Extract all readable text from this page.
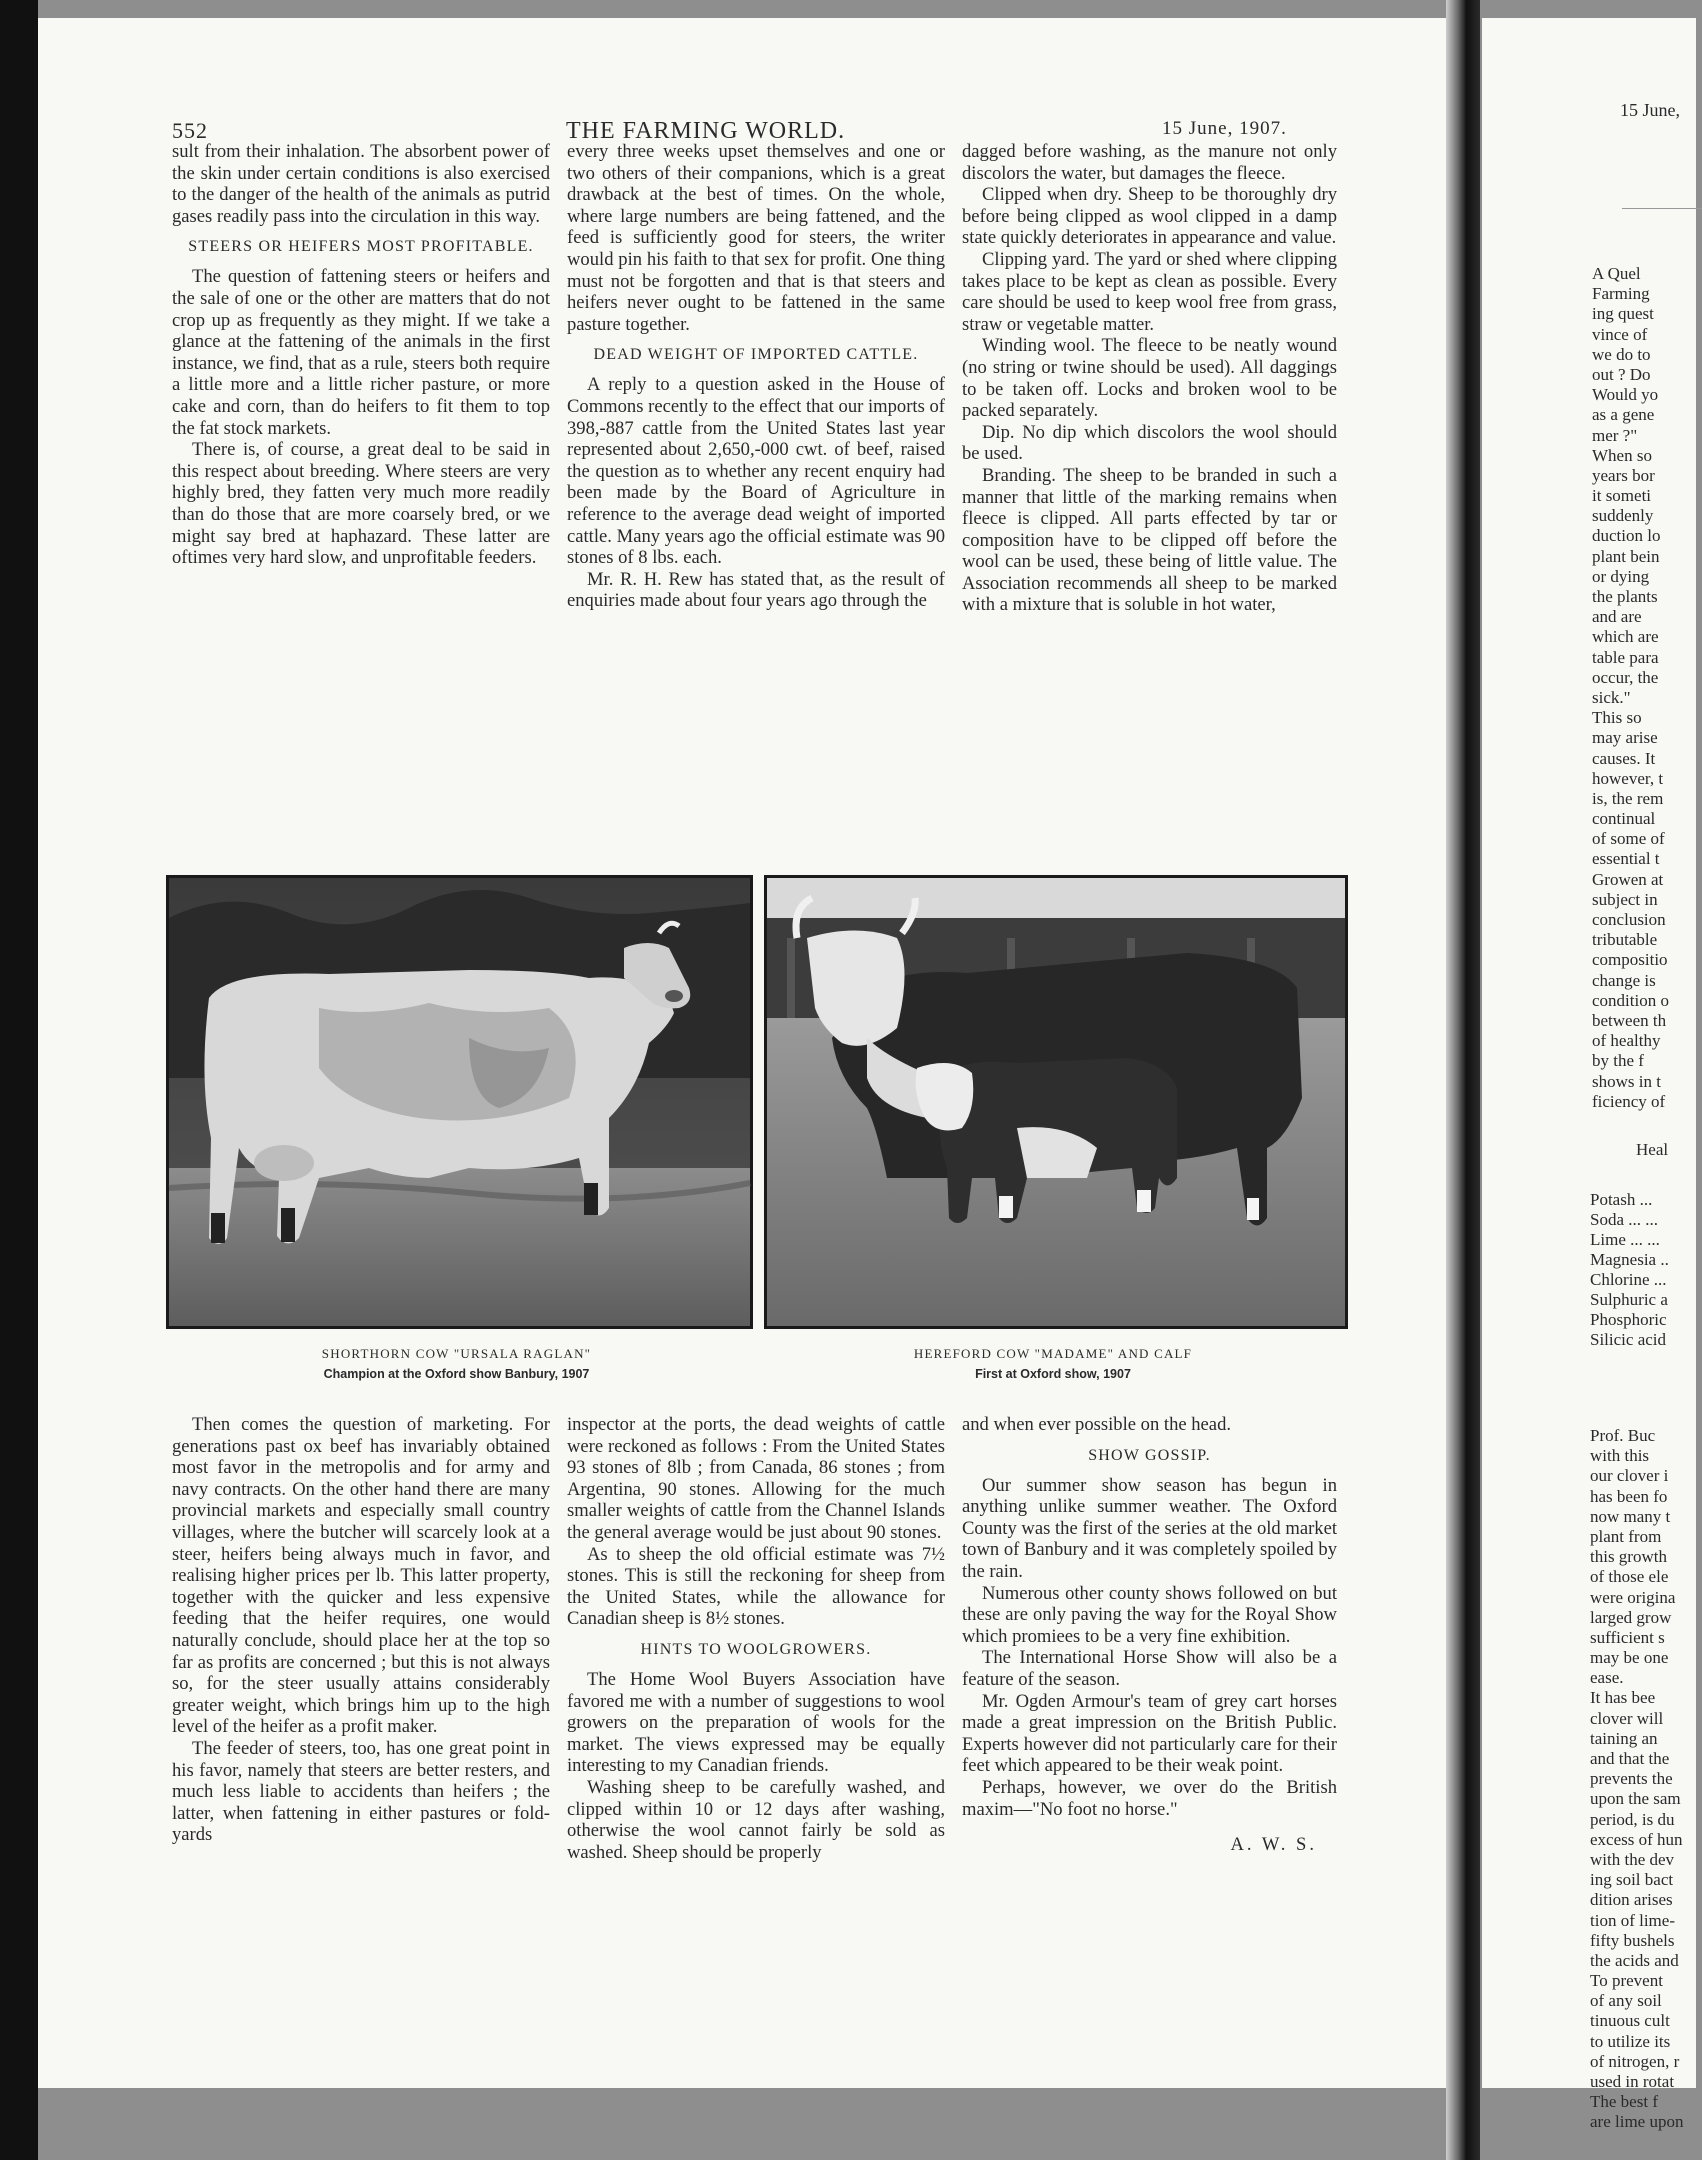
552	THE FARMING WORLD.	15 June, 1907.

sult from their inhalation. The absorbent power of the skin under certain conditions is also exercised to the danger of the health of the animals as putrid gases readily pass into the circulation in this way.

STEERS OR HEIFERS MOST PROFITABLE.

The question of fattening steers or heifers and the sale of one or the other are matters that do not crop up as frequently as they might. If we take a glance at the fattening of the animals in the first instance, we find, that as a rule, steers both require a little more and a little richer pasture, or more cake and corn, than do heifers to fit them to top the fat stock markets.

There is, of course, a great deal to be said in this respect about breeding. Where steers are very highly bred, they fatten very much more readily than do those that are more coarsely bred, or we might say bred at haphazard. These latter are oftimes very hard slow, and unprofitable feeders.

every three weeks upset themselves and one or two others of their companions, which is a great drawback at the best of times. On the whole, where large numbers are being fattened, and the feed is sufficiently good for steers, the writer would pin his faith to that sex for profit. One thing must not be forgotten and that is that steers and heifers never ought to be fattened in the same pasture together.

DEAD WEIGHT OF IMPORTED CATTLE.

A reply to a question asked in the House of Commons recently to the effect that our imports of 398,-887 cattle from the United States last year represented about 2,650,-000 cwt. of beef, raised the question as to whether any recent enquiry had been made by the Board of Agriculture in reference to the average dead weight of imported cattle. Many years ago the official estimate was 90 stones of 8 lbs. each.

Mr. R. H. Rew has stated that, as the result of enquiries made about four years ago through the

dagged before washing, as the manure not only discolors the water, but damages the fleece.

Clipped when dry. Sheep to be thoroughly dry before being clipped as wool clipped in a damp state quickly deteriorates in appearance and value.

Clipping yard. The yard or shed where clipping takes place to be kept as clean as possible. Every care should be used to keep wool free from grass, straw or vegetable matter.

Winding wool. The fleece to be neatly wound (no string or twine should be used). All daggings to be taken off. Locks and broken wool to be packed separately.

Dip. No dip which discolors the wool should be used.

Branding. The sheep to be branded in such a manner that little of the marking remains when fleece is clipped. All parts effected by tar or composition have to be clipped off before the wool can be used, these being of little value. The Association recommends all sheep to be marked with a mixture that is soluble in hot water,

SHORTHORN COW "URSALA RAGLAN"
Champion at the Oxford show Banbury, 1907
HEREFORD COW "MADAME" AND CALF
First at Oxford show, 1907

Then comes the question of marketing. For generations past ox beef has invariably obtained most favor in the metropolis and for army and navy contracts. On the other hand there are many provincial markets and especially small country villages, where the butcher will scarcely look at a steer, heifers being always much in favor, and realising higher prices per lb. This latter property, together with the quicker and less expensive feeding that the heifer requires, one would naturally conclude, should place her at the top so far as profits are concerned ; but this is not always so, for the steer usually attains considerably greater weight, which brings him up to the high level of the heifer as a profit maker.

The feeder of steers, too, has one great point in his favor, namely that steers are better resters, and much less liable to accidents than heifers ; the latter, when fattening in either pastures or fold-yards

inspector at the ports, the dead weights of cattle were reckoned as follows : From the United States 93 stones of 8lb ; from Canada, 86 stones ; from Argentina, 90 stones. Allowing for the much smaller weights of cattle from the Channel Islands the general average would be just about 90 stones.

As to sheep the old official estimate was 7½ stones. This is still the reckoning for sheep from the United States, while the allowance for Canadian sheep is 8½ stones.

HINTS TO WOOLGROWERS.

The Home Wool Buyers Association have favored me with a number of suggestions to wool growers on the preparation of wools for the market. The views expressed may be equally interesting to my Canadian friends.

Washing sheep to be carefully washed, and clipped within 10 or 12 days after washing, otherwise the wool cannot fairly be sold as washed. Sheep should be properly

and when ever possible on the head.

SHOW GOSSIP.

Our summer show season has begun in anything unlike summer weather. The Oxford County was the first of the series at the old market town of Banbury and it was completely spoiled by the rain.

Numerous other county shows followed on but these are only paving the way for the Royal Show which promiees to be a very fine exhibition.

The International Horse Show will also be a feature of the season.

Mr. Ogden Armour's team of grey cart horses made a great impression on the British Public. Experts however did not particularly care for their feet which appeared to be their weak point.

Perhaps, however, we over do the British maxim—"No foot no horse."

A. W. S.
15 June,
A Quel
Farming
ing quest
vince of
we do to
out ? Do
Would yo
as a gene
mer ?"
When so
years bor
it someti
suddenly
duction lo
plant bein
or dying
the plants
and are
which are
table para
occur, the
sick."
This so
may arise
causes. It
however, t
is, the rem
continual
of some of
essential t
Growen at
subject in
conclusion
tributable
compositio
change is
condition o
between th
of healthy
by the f
shows in t
ficiency of
Heal
Potash ...
Soda ... ...
Lime ... ...
Magnesia ..
Chlorine ...
Sulphuric a
Phosphoric
Silicic acid
Prof. Buc
with this
our clover i
has been fo
now many t
plant from
this growth
of those ele
were origina
larged grow
sufficient s
may be one
ease.
It has bee
clover will
taining an
and that the
prevents the
upon the sam
period, is du
excess of hun
with the dev
ing soil bact
dition arises
tion of lime-
fifty bushels
the acids and
To prevent
of any soil
tinuous cult
to utilize its
of nitrogen, r
used in rotat
The best f
are lime upon
